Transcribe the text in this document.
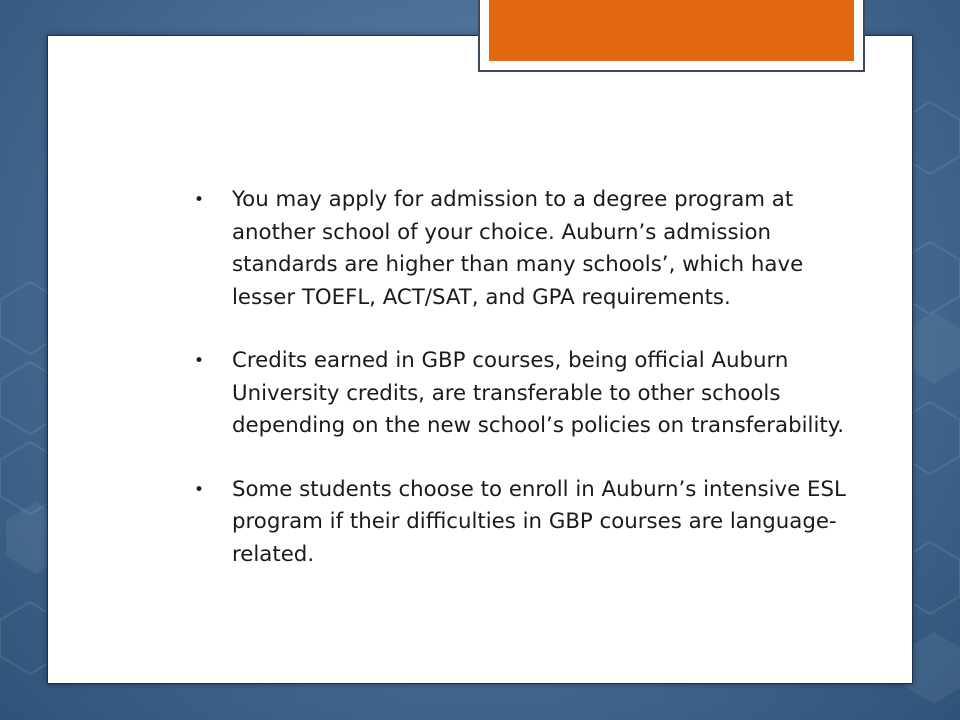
• You may apply for admission to a degree program at another school of your choice. Auburn’s admission standards are higher than many schools’, which have lesser TOEFL, ACT/SAT, and GPA requirements.
• Credits earned in GBP courses, being official Auburn University credits, are transferable to other schools depending on the new school’s policies on transferability.
• Some students choose to enroll in Auburn’s intensive ESL program if their difficulties in GBP courses are language-related.
